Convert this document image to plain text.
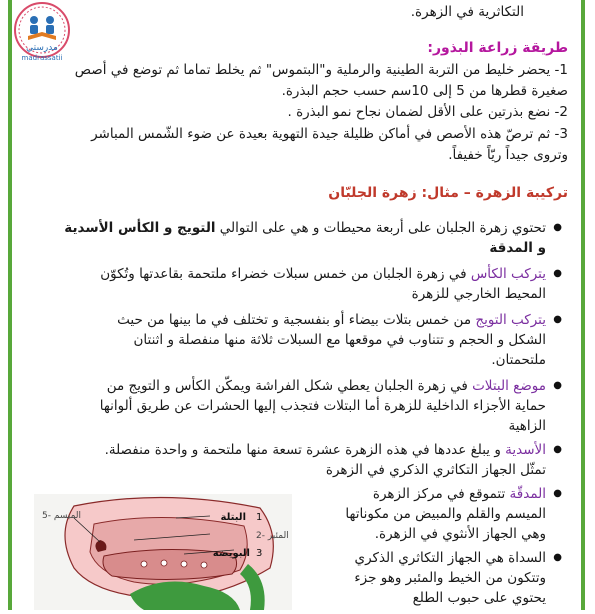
مدرستي
madrassatii
التكاثرية في الزهرة.
طريقة زراعة البذور:
1- يحضر خليط من التربة الطينية والرملية و"البتموس" ثم يخلط تماما ثم توضع في أصص
صغيرة قطرها من 5 إلى 10سم حسب حجم البذرة.
2- نضع بذرتين على الأقل لضمان نجاح نمو البذرة .
3- ثم ترصّ هذه الأصص في أماكن ظليلة جيدة التهوية بعيدة عن ضوء الشّمس المباشر
وتروى جيداً ريّاً خفيفاً.
تركيبة الزهرة – مثال: زهرة الجلبّان
● تحتوي زهرة الجلبان على أربعة محيطات و هي على التوالي التويج و الكأس الأسدية
و المدقة
● يتركب الكأس في زهرة الجلبان من خمس سبلات خضراء ملتحمة بقاعدتها وتُكوّن
المحيط الخارجي للزهرة
● يتركب التويج من خمس بتلات بيضاء أو بنفسجية و تختلف في ما بينها من حيث
الشكل و الحجم و تتناوب في موقعها مع السبلات ثلاثة منها منفصلة و اثنتان
ملتحمتان.
● موضع البتلات في زهرة الجلبان يعطي شكل الفراشة ويمكّن الكأس و التويج من
حماية الأجزاء الداخلية للزهرة أما البتلات فتجذب إليها الحشرات عن طريق ألوانها
الزاهية
● الأسدية و يبلغ عددها في هذه الزهرة عشرة تسعة منها ملتحمة و واحدة منفصلة.
تمثّل الجهاز التكاثري الذكري في الزهرة
● المدقّة تتموقع في مركز الزهرة
الميسم والقلم والمبيض من مكوناتها
وهي الجهاز الأنثوي في الزهرة.
● السداة هي الجهاز التكاثري الذكري
وتتكون من الخيط والمئبر وهو جزء
يحتوي على حبوب الطلع
البتلة 1
2- المئبر
البويضة 3
5- الميسم
